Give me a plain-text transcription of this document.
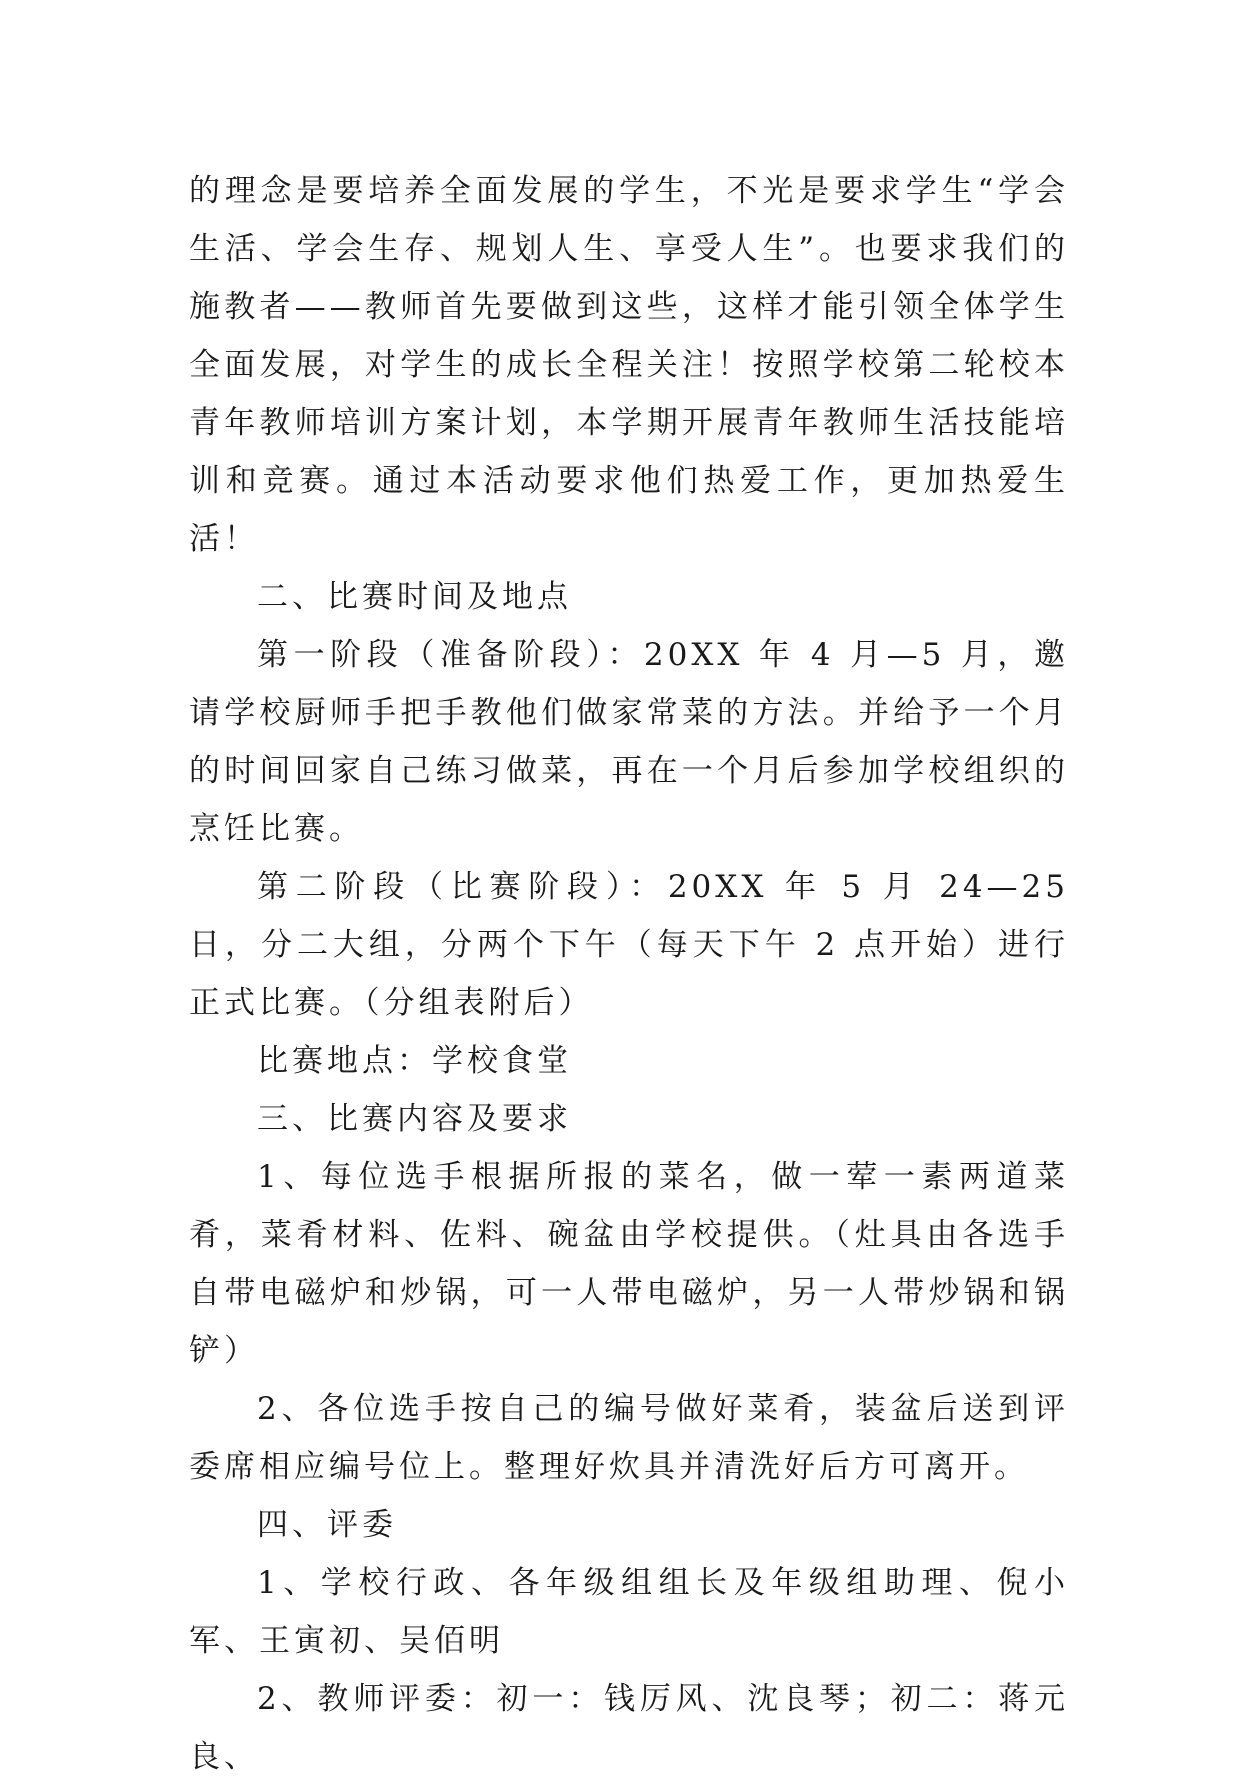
的理念是要培养全面发展的学生，不光是要求学生“学会生活、学会生存、规划人生、享受人生”。也要求我们的施教者——教师首先要做到这些，这样才能引领全体学生全面发展，对学生的成长全程关注！按照学校第二轮校本青年教师培训方案计划，本学期开展青年教师生活技能培训和竞赛。通过本活动要求他们热爱工作，更加热爱生活！

二、比赛时间及地点

第一阶段（准备阶段）：20XX 年 4 月—5 月，邀请学校厨师手把手教他们做家常菜的方法。并给予一个月的时间回家自己练习做菜，再在一个月后参加学校组织的烹饪比赛。

第二阶段（比赛阶段）：20XX 年 5 月 24—25 日，分二大组，分两个下午（每天下午 2 点开始）进行正式比赛。（分组表附后）

比赛地点：学校食堂

三、比赛内容及要求

1、每位选手根据所报的菜名，做一荤一素两道菜肴，菜肴材料、佐料、碗盆由学校提供。（灶具由各选手自带电磁炉和炒锅，可一人带电磁炉，另一人带炒锅和锅铲）

2、各位选手按自己的编号做好菜肴，装盆后送到评委席相应编号位上。整理好炊具并清洗好后方可离开。

四、评委

1、学校行政、各年级组组长及年级组助理、倪小军、王寅初、吴佰明

2、教师评委：初一：钱厉风、沈良琴；初二：蒋元良、
